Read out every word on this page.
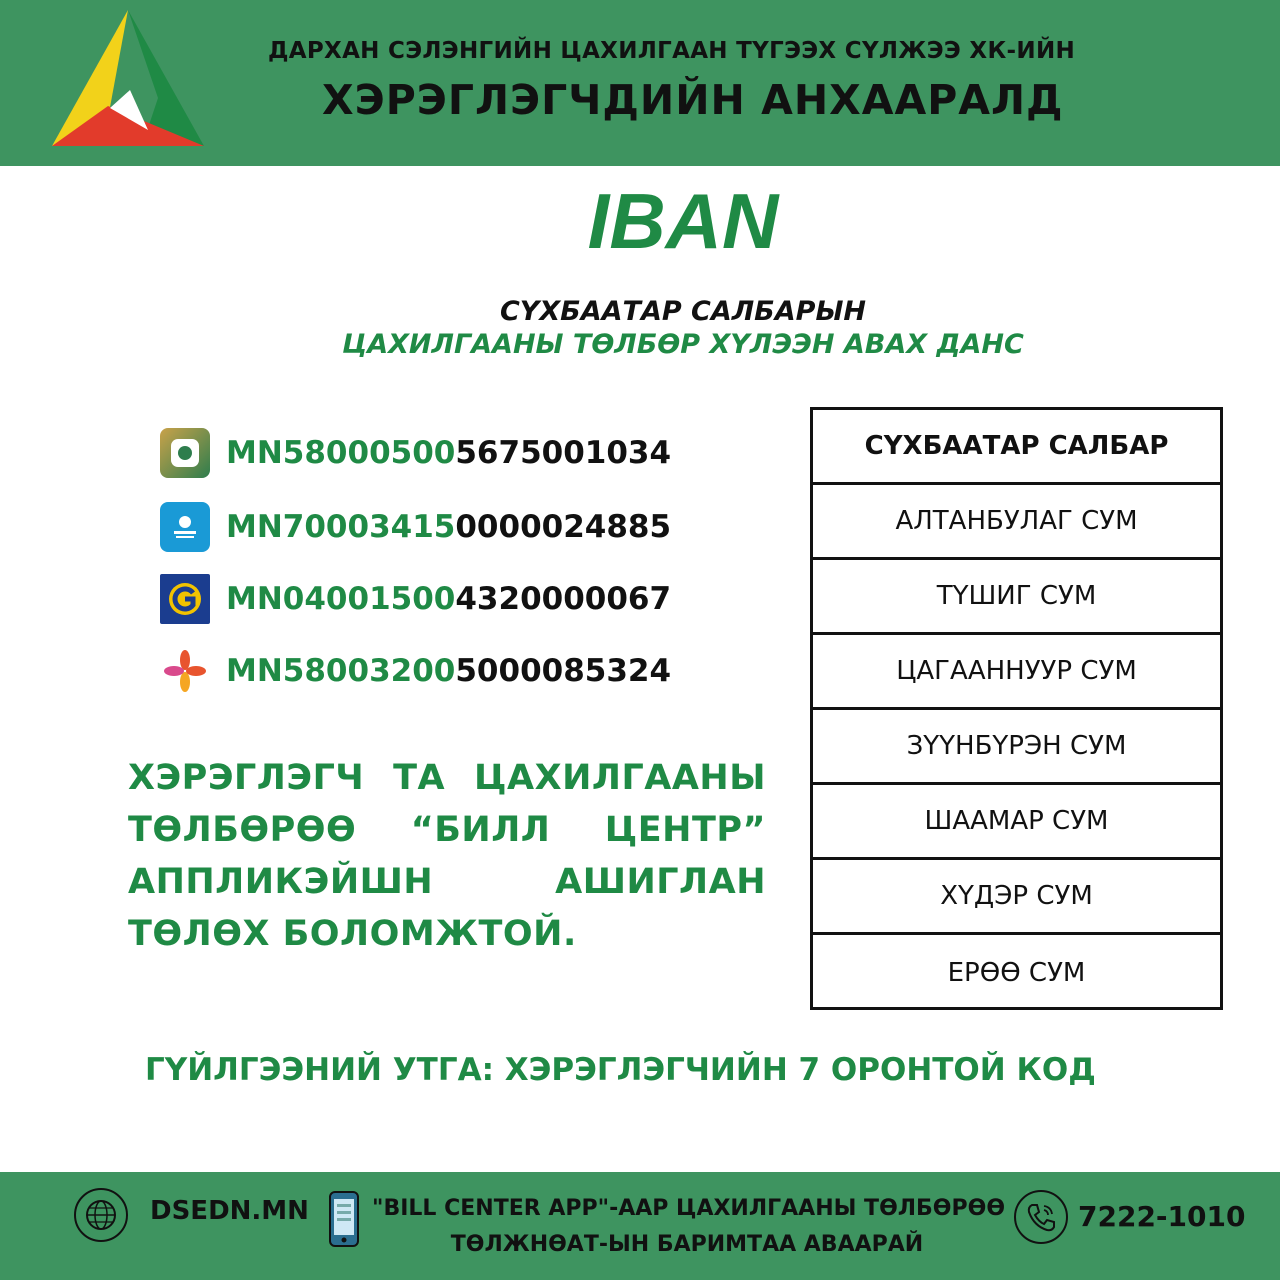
ДАРХАН СЭЛЭНГИЙН ЦАХИЛГААН ТҮГЭЭХ СҮЛЖЭЭ ХК-ИЙН
ХЭРЭГЛЭГЧДИЙН АНХААРАЛД
IBAN
СҮХБААТАР САЛБАРЫН
ЦАХИЛГААНЫ ТӨЛБӨР ХҮЛЭЭН АВАХ ДАНС
MN580005005675001034
MN700034150000024885
MN040015004320000067
MN580032005000085324
ХЭРЭГЛЭГЧ ТА ЦАХИЛГААНЫ ТӨЛБӨРӨӨ “БИЛЛ ЦЕНТР” АППЛИКЭЙШН АШИГЛАН ТӨЛӨХ БОЛОМЖТОЙ.
СҮХБААТАР САЛБАР
АЛТАНБУЛАГ СУМ
ТҮШИГ СУМ
ЦАГААННУУР СУМ
ЗҮҮНБҮРЭН СУМ
ШААМАР СУМ
ХҮДЭР СУМ
ЕРӨӨ СУМ
ГҮЙЛГЭЭНИЙ УТГА: ХЭРЭГЛЭГЧИЙН 7 ОРОНТОЙ КОД
DSEDN.MN	"BILL CENTER APP"-ААР ЦАХИЛГААНЫ ТӨЛБӨРӨӨ
ТӨЛЖНӨАТ-ЫН БАРИМТАА АВААРАЙ
7222-1010
